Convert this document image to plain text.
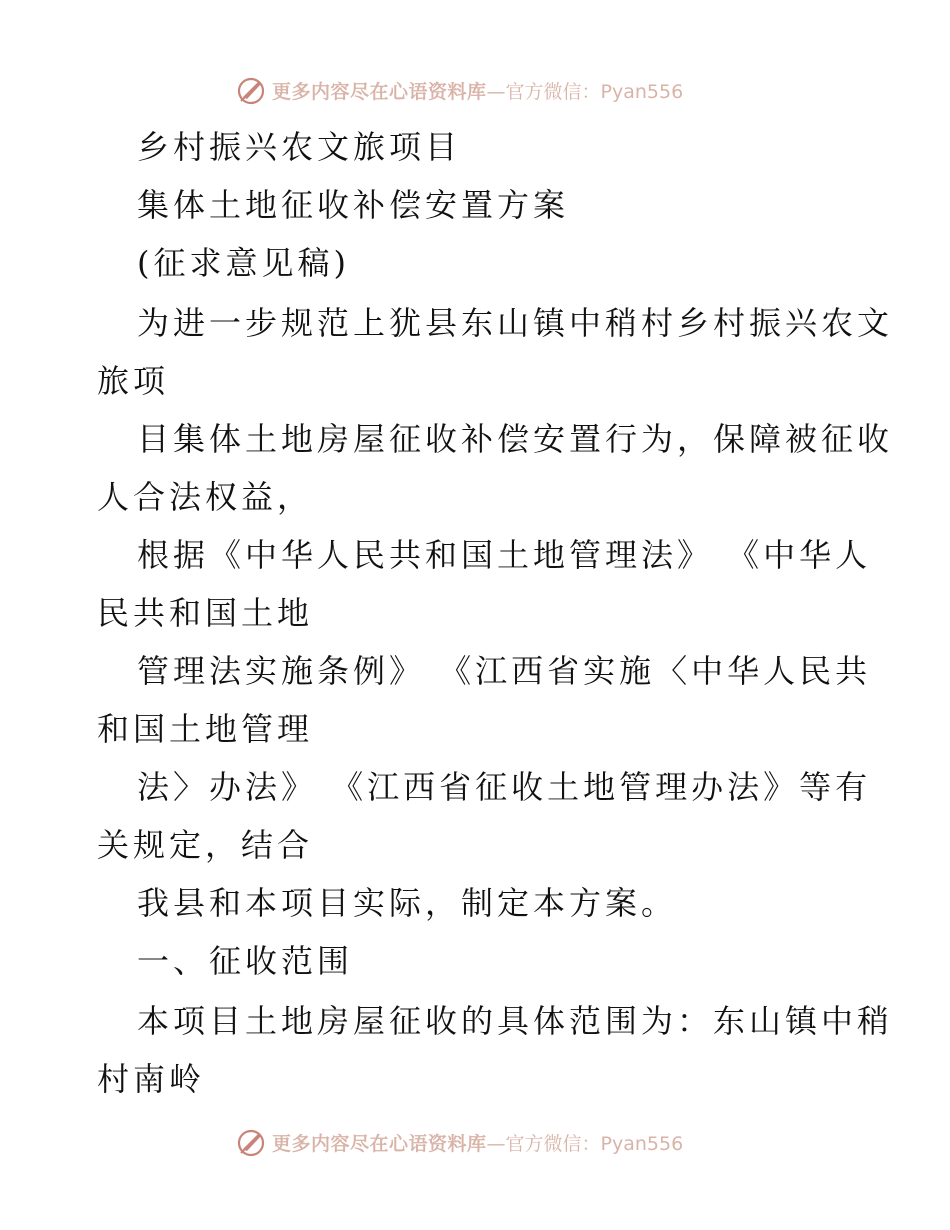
更多内容尽在心语资料库 —官方微信：Pyan556
乡村振兴农文旅项目
集体土地征收补偿安置方案
(征求意见稿)
为进一步规范上犹县东山镇中稍村乡村振兴农文
旅项
目集体土地房屋征收补偿安置行为，保障被征收
人合法权益，
根据《中华人民共和国土地管理法》 《中华人
民共和国土地
管理法实施条例》 《江西省实施〈中华人民共
和国土地管理
法〉办法》 《江西省征收土地管理办法》等有
关规定，结合
我县和本项目实际，制定本方案。
一、征收范围
本项目土地房屋征收的具体范围为：东山镇中稍
村南岭
更多内容尽在心语资料库 —官方微信：Pyan556
